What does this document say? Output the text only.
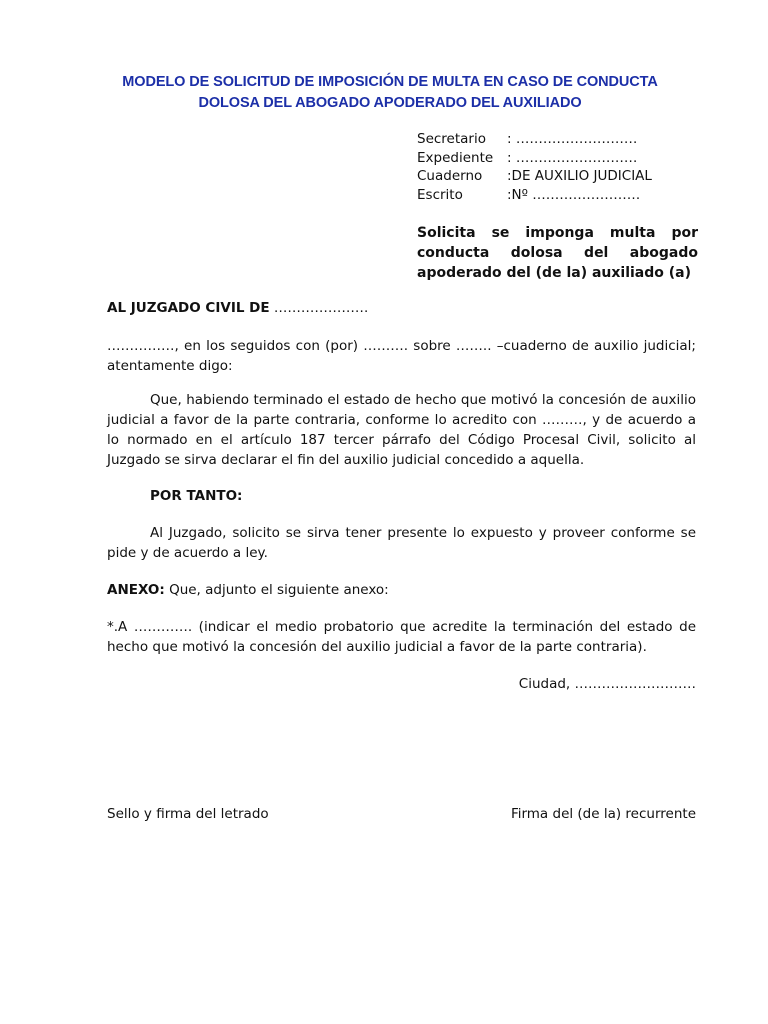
MODELO DE SOLICITUD DE IMPOSICIÓN DE MULTA EN CASO DE CONDUCTA
DOLOSA DEL ABOGADO APODERADO DEL AUXILIADO
Secretario	: ………………………
Expediente	: ………………………
Cuaderno	:DE AUXILIO JUDICIAL
Escrito	:Nº ……………………
Solicita se imponga multa por conducta dolosa del abogado apoderado del (de la) auxiliado (a)
AL JUZGADO CIVIL DE …………………

……………, en los seguidos con (por) ………. sobre …….. –cuaderno de auxilio judicial; atentamente digo:

Que, habiendo terminado el estado de hecho que motivó la concesión de auxilio judicial a favor de la parte contraria, conforme lo acredito con ………, y de acuerdo a lo normado en el artículo 187 tercer párrafo del Código Procesal Civil, solicito al Juzgado se sirva declarar el fin del auxilio judicial concedido a aquella.

POR TANTO:

Al Juzgado, solicito se sirva tener presente lo expuesto y proveer conforme se pide y de acuerdo a ley.

ANEXO: Que, adjunto el siguiente anexo:

*.A …………. (indicar el medio probatorio que acredite la terminación del estado de hecho que motivó la concesión del auxilio judicial a favor de la parte contraria).

Ciudad, ………………………
Sello y firma del letrado	Firma del (de la) recurrente
